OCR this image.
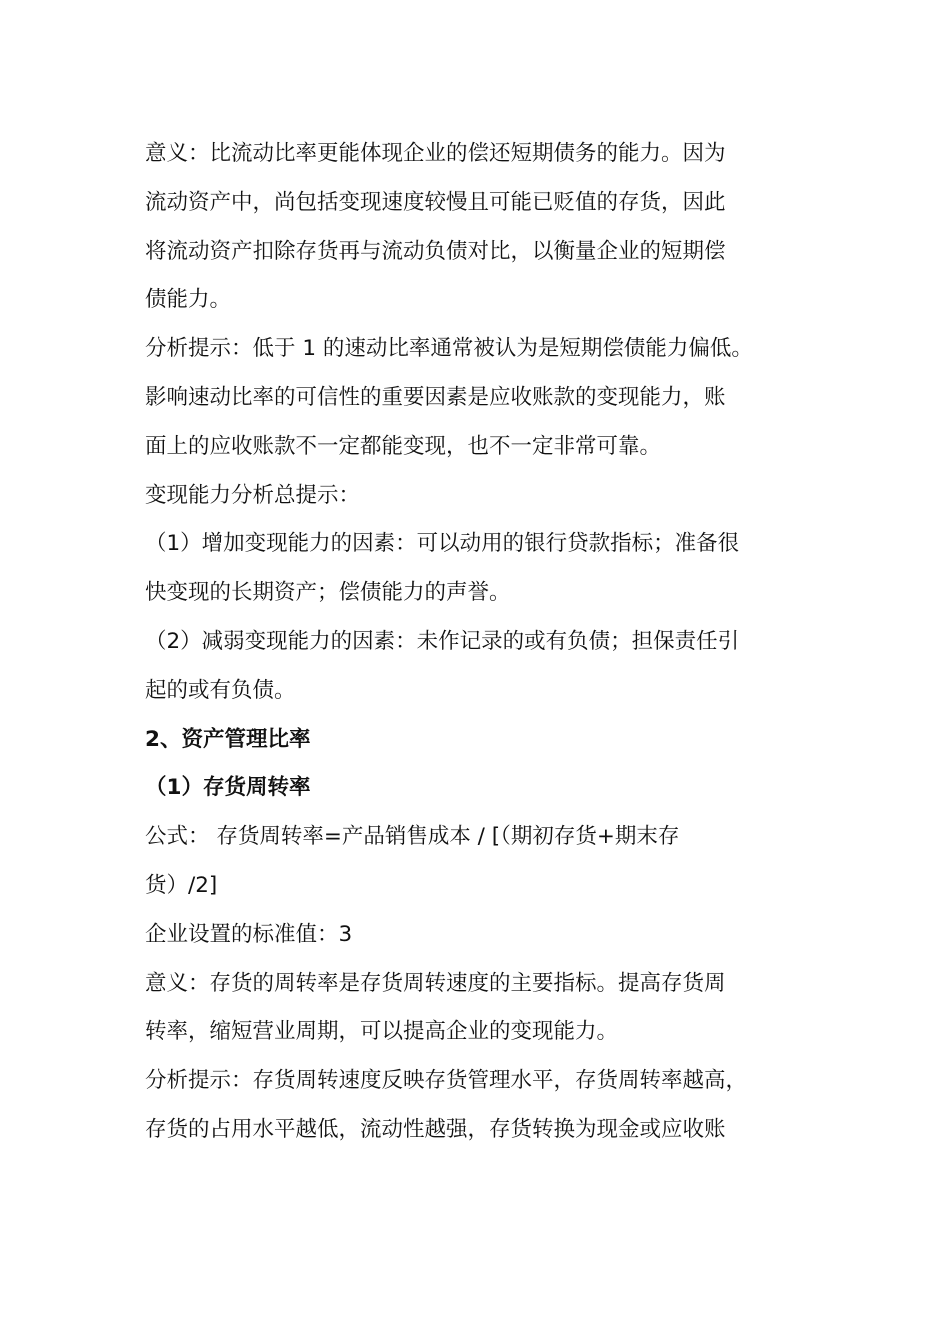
意义：比流动比率更能体现企业的偿还短期债务的能力。因为
流动资产中，尚包括变现速度较慢且可能已贬值的存货，因此
将流动资产扣除存货再与流动负债对比，以衡量企业的短期偿
债能力。
分析提示：低于 1 的速动比率通常被认为是短期偿债能力偏低。
影响速动比率的可信性的重要因素是应收账款的变现能力，账
面上的应收账款不一定都能变现，也不一定非常可靠。
变现能力分析总提示：
（1）增加变现能力的因素：可以动用的银行贷款指标；准备很
快变现的长期资产；偿债能力的声誉。
（2）减弱变现能力的因素：未作记录的或有负债；担保责任引
起的或有负债。
2、资产管理比率
（1）存货周转率
公式： 存货周转率=产品销售成本 / [（期初存货+期末存
货）/2]
企业设置的标准值：3
意义：存货的周转率是存货周转速度的主要指标。提高存货周
转率，缩短营业周期，可以提高企业的变现能力。
分析提示：存货周转速度反映存货管理水平，存货周转率越高，
存货的占用水平越低，流动性越强，存货转换为现金或应收账
